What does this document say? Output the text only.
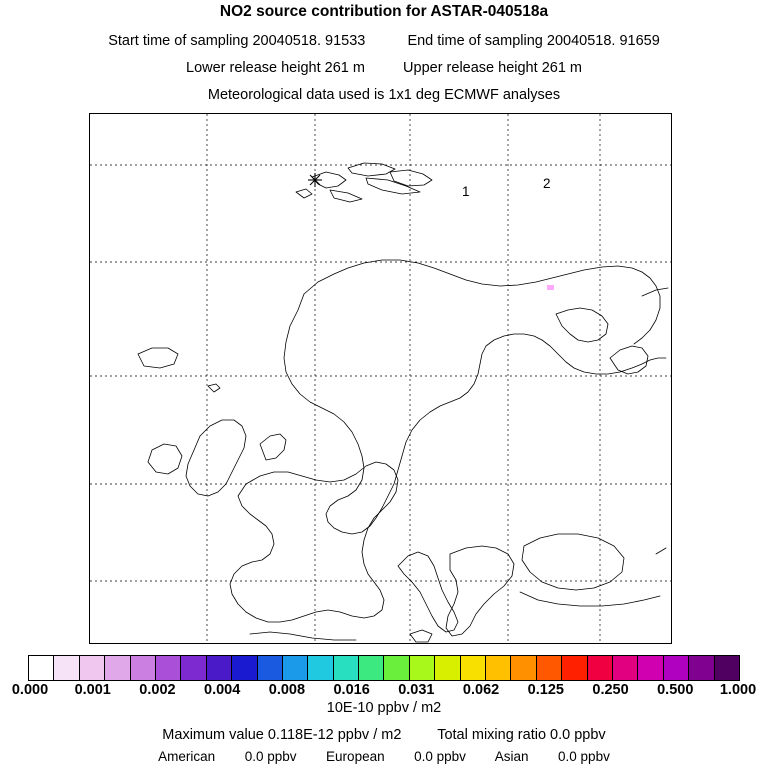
NO2 source contribution for ASTAR-040518a
Start time of sampling 20040518. 91533	End time of sampling 20040518. 91659
Lower release height 261 m	Upper release height 261 m
Meteorological data used is 1x1 deg ECMWF analyses
1
2
0.000 0.001 0.002 0.004 0.008 0.016 0.031 0.062 0.125 0.250 0.500 1.000
10E-10 ppbv / m2
Maximum value 0.118E-12 ppbv / m2 Total mixing ratio 0.0 ppbv
American 0.0 ppbv European 0.0 ppbv Asian 0.0 ppbv
